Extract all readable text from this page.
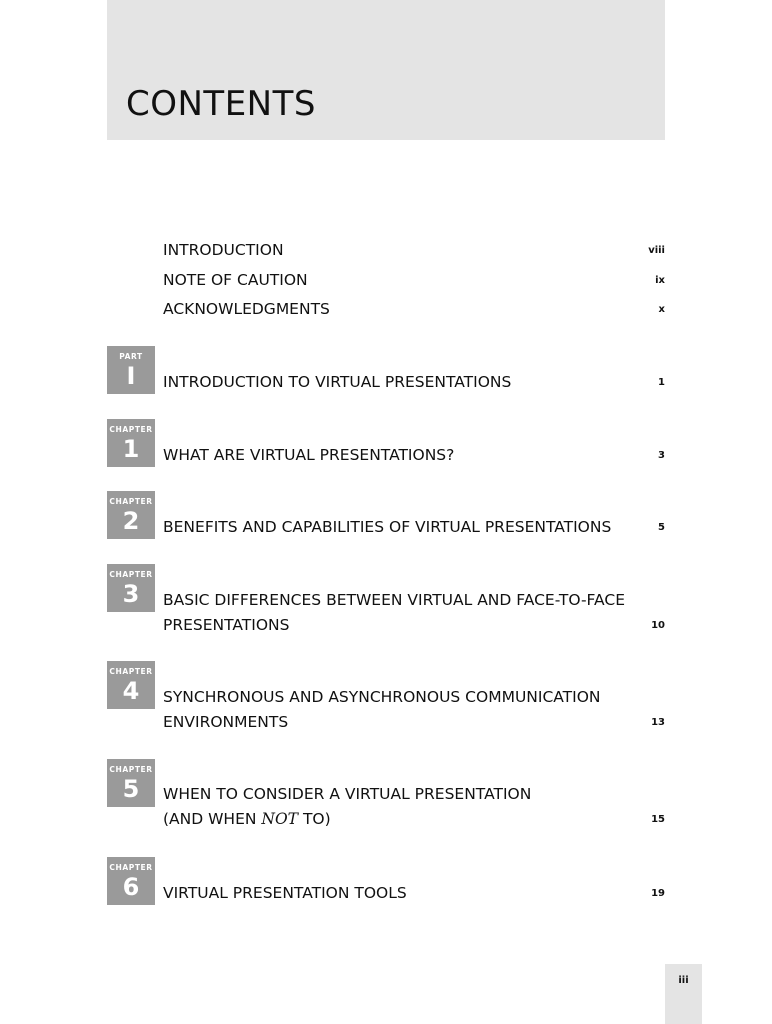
CONTENTS
INTRODUCTION	viii
NOTE OF CAUTION	ix
ACKNOWLEDGMENTS	x
PART
I	INTRODUCTION TO VIRTUAL PRESENTATIONS	1
CHAPTER
1	WHAT ARE VIRTUAL PRESENTATIONS?	3
CHAPTER
2	BENEFITS AND CAPABILITIES OF VIRTUAL PRESENTATIONS	5
CHAPTER
3	BASIC DIFFERENCES BETWEEN VIRTUAL AND FACE-TO-FACE
PRESENTATIONS	10
CHAPTER
4	SYNCHRONOUS AND ASYNCHRONOUS COMMUNICATION
ENVIRONMENTS	13
CHAPTER
5	WHEN TO CONSIDER A VIRTUAL PRESENTATION
(AND WHEN NOT TO)	15
CHAPTER
6	VIRTUAL PRESENTATION TOOLS	19
iii
